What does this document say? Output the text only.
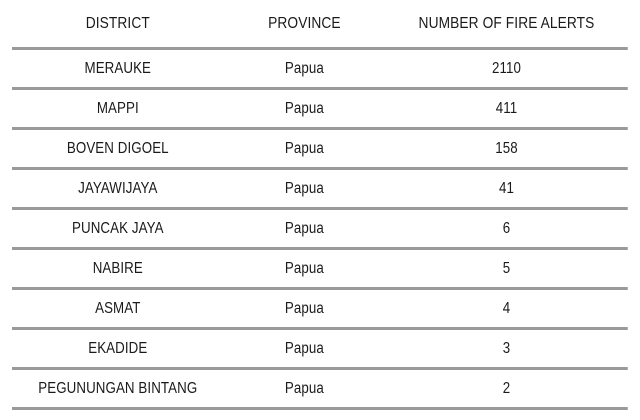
DISTRICT	PROVINCE	NUMBER OF FIRE ALERTS
MERAUKE	Papua	2110
MAPPI	Papua	411
BOVEN DIGOEL	Papua	158
JAYAWIJAYA	Papua	41
PUNCAK JAYA	Papua	6
NABIRE	Papua	5
ASMAT	Papua	4
EKADIDE	Papua	3
PEGUNUNGAN BINTANG	Papua	2
